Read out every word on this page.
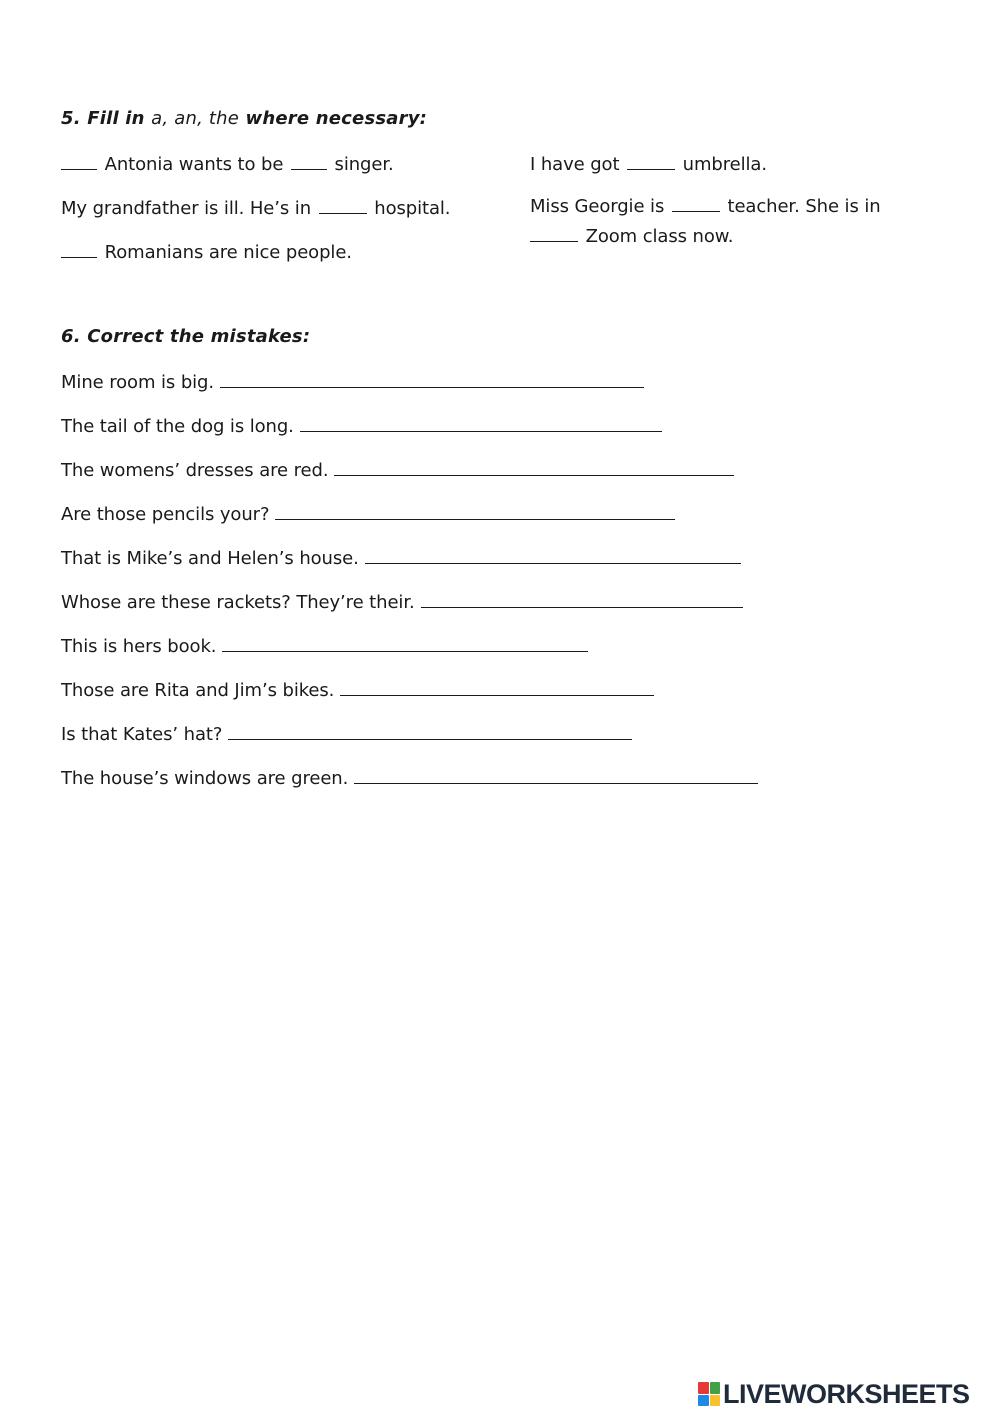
5. Fill in a, an, the where necessary:

Antonia wants to be	singer.
My grandfather is ill. He’s in	hospital.
Romanians are nice people.
I have got	umbrella.
Miss Georgie is	teacher. She is in  Zoom class now.

6. Correct the mistakes:

Mine room is big.
The tail of the dog is long.
The womens’ dresses are red.
Are those pencils your?
That is Mike’s and Helen’s house.
Whose are these rackets? They’re their.
This is hers book.
Those are Rita and Jim’s bikes.
Is that Kates’ hat?
The house’s windows are green.
LIVEWORKSHEETS
